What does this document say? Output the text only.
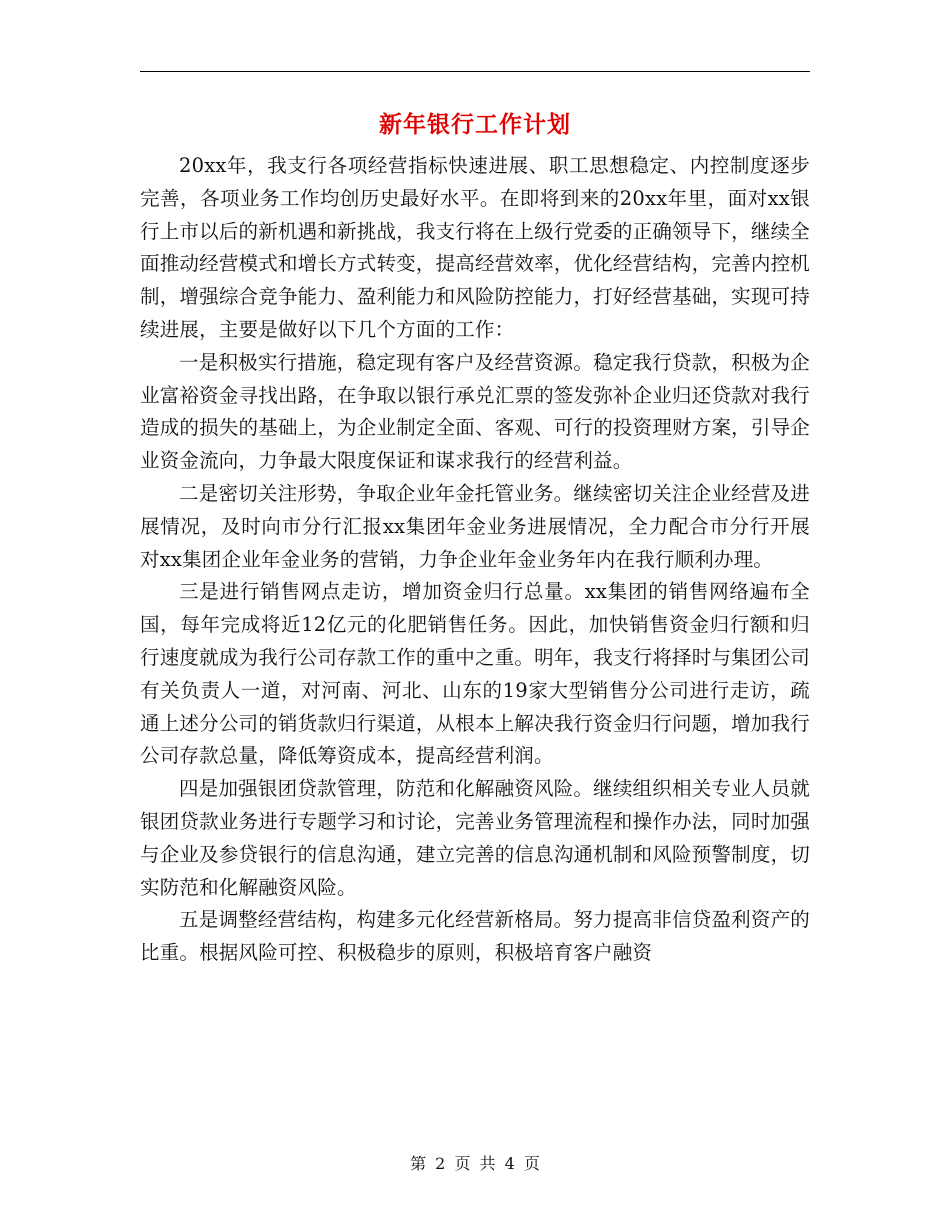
新年银行工作计划

20xx年，我支行各项经营指标快速进展、职工思想稳定、内控制度逐步完善，各项业务工作均创历史最好水平。在即将到来的20xx年里，面对xx银行上市以后的新机遇和新挑战，我支行将在上级行党委的正确领导下，继续全面推动经营模式和增长方式转变，提高经营效率，优化经营结构，完善内控机制，增强综合竞争能力、盈利能力和风险防控能力，打好经营基础，实现可持续进展，主要是做好以下几个方面的工作：

一是积极实行措施，稳定现有客户及经营资源。稳定我行贷款，积极为企业富裕资金寻找出路，在争取以银行承兑汇票的签发弥补企业归还贷款对我行造成的损失的基础上，为企业制定全面、客观、可行的投资理财方案，引导企业资金流向，力争最大限度保证和谋求我行的经营利益。

二是密切关注形势，争取企业年金托管业务。继续密切关注企业经营及进展情况，及时向市分行汇报xx集团年金业务进展情况，全力配合市分行开展对xx集团企业年金业务的营销，力争企业年金业务年内在我行顺利办理。

三是进行销售网点走访，增加资金归行总量。xx集团的销售网络遍布全国，每年完成将近12亿元的化肥销售任务。因此，加快销售资金归行额和归行速度就成为我行公司存款工作的重中之重。明年，我支行将择时与集团公司有关负责人一道，对河南、河北、山东的19家大型销售分公司进行走访，疏通上述分公司的销货款归行渠道，从根本上解决我行资金归行问题，增加我行公司存款总量，降低筹资成本，提高经营利润。

四是加强银团贷款管理，防范和化解融资风险。继续组织相关专业人员就银团贷款业务进行专题学习和讨论，完善业务管理流程和操作办法，同时加强与企业及参贷银行的信息沟通，建立完善的信息沟通机制和风险预警制度，切实防范和化解融资风险。

五是调整经营结构，构建多元化经营新格局。努力提高非信贷盈利资产的比重。根据风险可控、积极稳步的原则，积极培育客户融资

第 2 页 共 4 页
